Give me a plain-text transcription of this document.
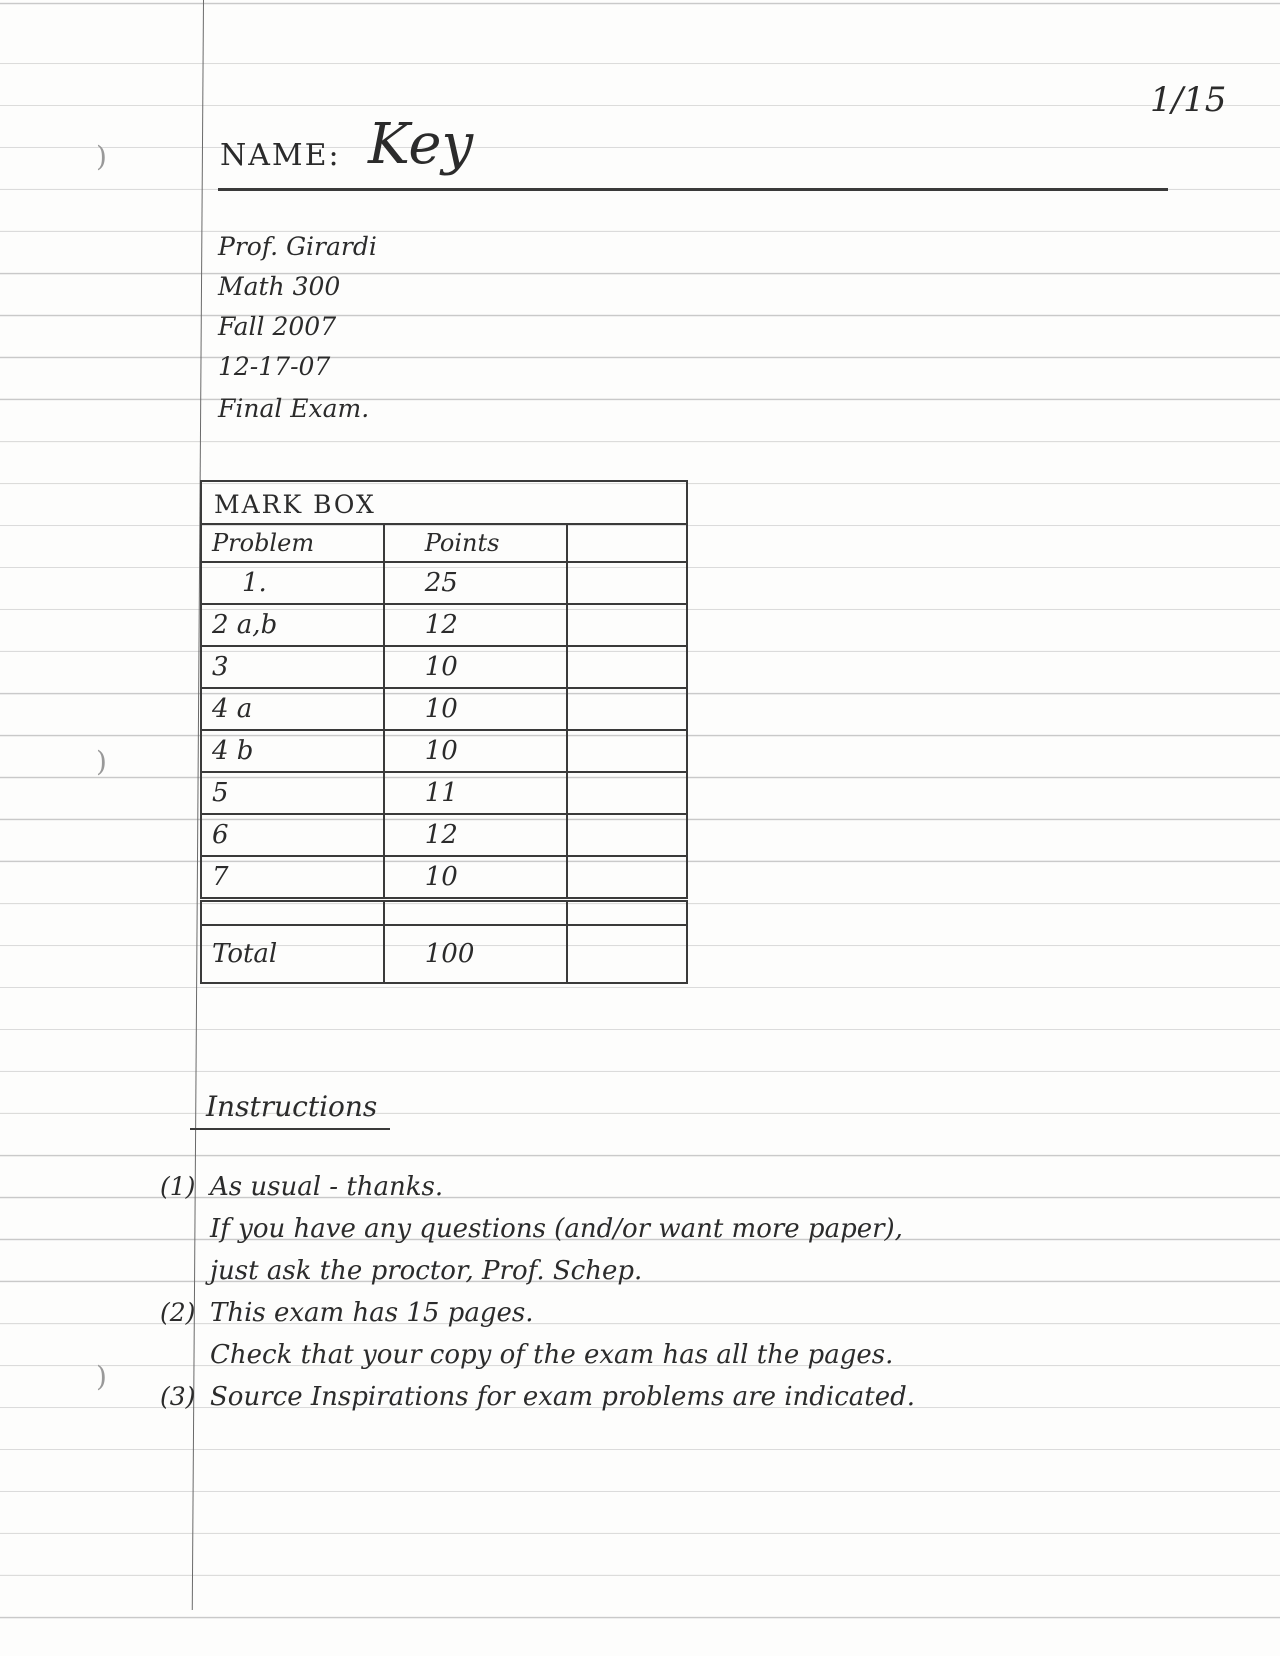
)
)
)
1/15
NAME: Key
Prof. Girardi
Math 300
Fall 2007
12-17-07
Final Exam.
MARK BOX
Problem	Points	
1.	25	
2 a,b	12	
3	10	
4 a	10	
4 b	10	
5	11	
6	12	
7	10	

Total	100	
Instructions
(1) As usual - thanks.
If you have any questions (and/or want more paper),
just ask the proctor, Prof. Schep.
(2) This exam has 15 pages.
Check that your copy of the exam has all the pages.
(3) Source Inspirations for exam problems are indicated.
